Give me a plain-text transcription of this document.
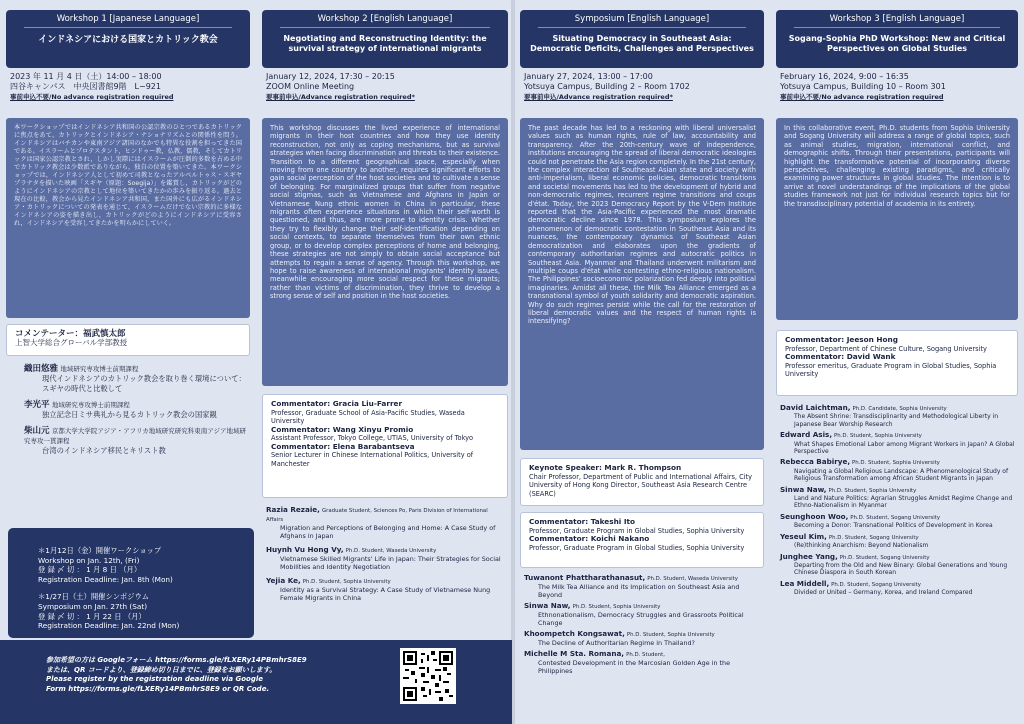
Workshop 1 [Japanese Language]
インドネシアにおける国家とカトリック教会
2023 年 11 月 4 日（土）14:00 – 18:00
四谷キャンパス　中央図書館9階　L−921
事前申込不要/No advance registration required
本ワークショップではインドネシア共和国の公認宗教のひとつであるカトリックに焦点をあて，カトリックとインドネシア・ナショナリズムとの関係性を問う。インドネシアはバチカンや東南アジア諸国のなかでも特異な役割を担ってきた国である。イスラームとプロテスタント，ヒンドゥー教，仏教，儒教，そしてカトリックは国家公認宗教とされ，しかし実際にはイスラームが圧倒的多数を占める中でカトリック教会は少数派でありながら，独自の位置を築いてきた。本ワークショップでは，インドネシア人として初めて司教となったアルベルトゥス・スギヤプラナタを描いた映画「スギヤ（原題：Soegija）」を鑑賞し，カトリックがどのようにインドネシアの宗教として地位を築いてきたかの歩みを振り返る。過去と現在の比較，教会から見たインドネシア共和国，また国外にも広がるインドネシア・カトリックについての発表を通じて，イスラームだけでない宗教的に多様なインドネシアの姿を描き出し，カトリックがどのようにインドネシアに受容され，インドネシアを受容してきたかを明らかにしていく。
コメンテーター：福武慎太郎
上智大学総合グローバル学部教授
織田悠雅 地域研究専攻博士前期課程
現代インドネシアのカトリック教会を取り巻く環境について：スギヤの時代と比較して
李光平 地域研究専攻博士前期課程
独立記念日ミサ典礼から見るカトリック教会の国家観
柴山元 京都大学大学院アジア・アフリカ地域研究研究科東南アジア地域研究専攻一貫課程
台湾のインドネシア移民とキリスト教
＊1月12日（金）開催ワークショップ
Workshop on Jan. 12th, (Fri)
登 録 〆 切 ： 1 月 8 日 （月）
Registration Deadline: Jan. 8th (Mon)
＊1/27日（土）開催シンポジウム
Symposium on Jan. 27th (Sat)
登 録 〆 切 ： 1 月 22 日 （月）
Registration Deadline: Jan. 22nd (Mon)
参加希望の方は Googleフォーム https://forms.gle/fLXERy14PBmhrS8E9
または、QR コードより、登録締め切り日までに、登録をお願いします。
Please register by the registration deadline via Google
Form https://forms.gle/fLXERy14PBmhrS8E9 or QR Code.
Workshop 2 [English Language]
Negotiating and Reconstructing Identity: the survival strategy of international migrants
January 12, 2024, 17:30 – 20:15
ZOOM Online Meeting
要事前申込/Advance registration required*
This workshop discusses the lived experience of international migrants in their host countries and how they use identity reconstruction, not only as coping mechanisms, but as survival strategies when facing discrimination and threats to their existence. Transition to a different geographical space, especially when moving from one country to another, requires significant efforts to gain social perception of the host societies and to cultivate a sense of belonging. For marginalized groups that suffer from negative social stigmas, such as Vietnamese and Afghans in Japan or Vietnamese Nung ethnic women in China in particular, these migrants often experience situations in which their self-worth is questioned, and thus, are more prone to identity crisis. Whether they try to flexibly change their self-identification depending on social contexts, to separate themselves from their own ethnic group, or to develop complex perceptions of home and belonging, these strategies are not simply to obtain social acceptance but attempts to regain a sense of agency. Through this workshop, we hope to raise awareness of international migrants' identity issues, meanwhile encouraging more social respect for these migrants; rather than victims of discrimination, they thrive to develop a strong sense of self and position in the host societies.
Commentator: Gracia Liu-Farrer
Professor, Graduate School of Asia-Pacific Studies, Waseda University
Commentator: Wang Xinyu Promio
Assistant Professor, Tokyo College, UTIAS, University of Tokyo
Commentator: Elena Barabantseva
Senior Lecturer in Chinese International Politics, University of Manchester
Razia Rezaie, Graduate Student, Sciences Po, Paris Division of International Affairs
Migration and Perceptions of Belonging and Home: A Case Study of Afghans in Japan
Huynh Vu Hong Vy, Ph.D. Student, Waseda University
Vietnamese Skilled Migrants' Life in Japan: Their Strategies for Social Mobilities and Identity Negotiation
Yejia Ke, Ph.D. Student, Sophia University
Identity as a Survival Strategy: A Case Study of Vietnamese Nung Female Migrants in China
Symposium [English Language]
Situating Democracy in Southeast Asia: Democratic Deficits, Challenges and Perspectives
January 27, 2024, 13:00 – 17:00
Yotsuya Campus, Building 2 – Room 1702
要事前申込/Advance registration required*
The past decade has led to a reckoning with liberal universalist values such as human rights, rule of law, accountability and transparency. After the 20th-century wave of independence, institutions encouraging the spread of liberal democratic ideologies could not penetrate the Asia region completely. In the 21st century, the complex interaction of Southeast Asian state and society with anti-imperialism, liberal economic policies, democratic transitions and societal movements has led to the development of hybrid and non-democratic regimes, recurrent regime transitions and coups d'état. Today, the 2023 Democracy Report by the V-Dem Institute reported that the Asia-Pacific experienced the most dramatic democratic decline since 1978. This symposium explores the phenomenon of democratic contestation in Southeast Asia and its nuances, the contemporary dynamics of Southeast Asian democratization and elaborates upon the gradients of contemporary authoritarian regimes and autocratic politics in Southeast Asia. Myanmar and Thailand underwent militarism and multiple coups d'état while contesting ethno-religious nationalism. The Philippines' socioeconomic polarization fed deeply into political imaginaries. Amidst all these, the Milk Tea Alliance emerged as a transnational symbol of youth solidarity and democratic aspiration. Why do such regimes persist while the call for the restoration of liberal democratic values and the respect of human rights is intensifying?
Keynote Speaker: Mark R. Thompson
Chair Professor, Department of Public and International Affairs, City University of Hong Kong Director, Southeast Asia Research Centre (SEARC)
Commentator: Takeshi Ito
Professor, Graduate Program in Global Studies, Sophia University
Commentator: Koichi Nakano
Professor, Graduate Program in Global Studies, Sophia University
Tuwanont Phattharathanasut, Ph.D. Student, Waseda University
The Milk Tea Alliance and its Implication on Southeast Asia and Beyond
Sinwa Naw, Ph.D. Student, Sophia University
Ethnonationalism, Democracy Struggles and Grassroots Political Change
Khoompetch Kongsawat, Ph.D. Student, Sophia University
The Decline of Authoritarian Regime in Thailand?
Michelle M Sta. Romana, Ph.D. Student,
Contested Development in the Marcosian Golden Age in the Philippines
Workshop 3 [English Language]
Sogang-Sophia PhD Workshop: New and Critical Perspectives on Global Studies
February 16, 2024, 9:00 – 16:35
Yotsuya Campus, Building 10 – Room 301
事前申込不要/No advance registration required
In this collaborative event, Ph.D. students from Sophia University and Sogang University will address a range of global topics, such as animal studies, migration, international conflict, and demographic shifts. Through their presentations, participants will highlight the transformative potential of incorporating diverse perspectives, challenging existing paradigms, and critically examining power structures in global studies. The intention is to arrive at novel understandings of the implications of the global studies framework not just for individual research topics but for the transdisciplinary potential of academia in its entirety.
Commentator: Jeeson Hong
Professor, Department of Chinese Culture, Sogang University
Commentator: David Wank
Professor emeritus, Graduate Program in Global Studies, Sophia University
David Laichtman, Ph.D. Candidate, Sophia University
The Absent Shrine: Transdisciplinarity and Methodological Liberty in Japanese Bear Worship Research
Edward Asis, Ph.D. Student, Sophia University
What Shapes Emotional Labor among Migrant Workers in Japan? A Global Perspective
Rebecca Babirye, Ph.D. Student, Sophia University
Navigating a Global Religious Landscape: A Phenomenological Study of Religious Transformation among African Student Migrants in Japan
Sinwa Naw, Ph.D. Student, Sophia University
Land and Nature Politics: Agrarian Struggles Amidst Regime Change and Ethno-Nationalism in Myanmar
Seunghoon Woo, Ph.D. Student, Sogang University
Becoming a Donor: Transnational Politics of Development in Korea
Yeseul Kim, Ph.D. Student, Sogang University
(Re)thinking Anarchism: Beyond Nationalism
Junghee Yang, Ph.D. Student, Sogang University
Departing from the Old and New Binary: Global Generations and Young Chinese Diaspora in South Korean
Lea Middell, Ph.D. Student, Sogang University
Divided or United – Germany, Korea, and Ireland Compared
